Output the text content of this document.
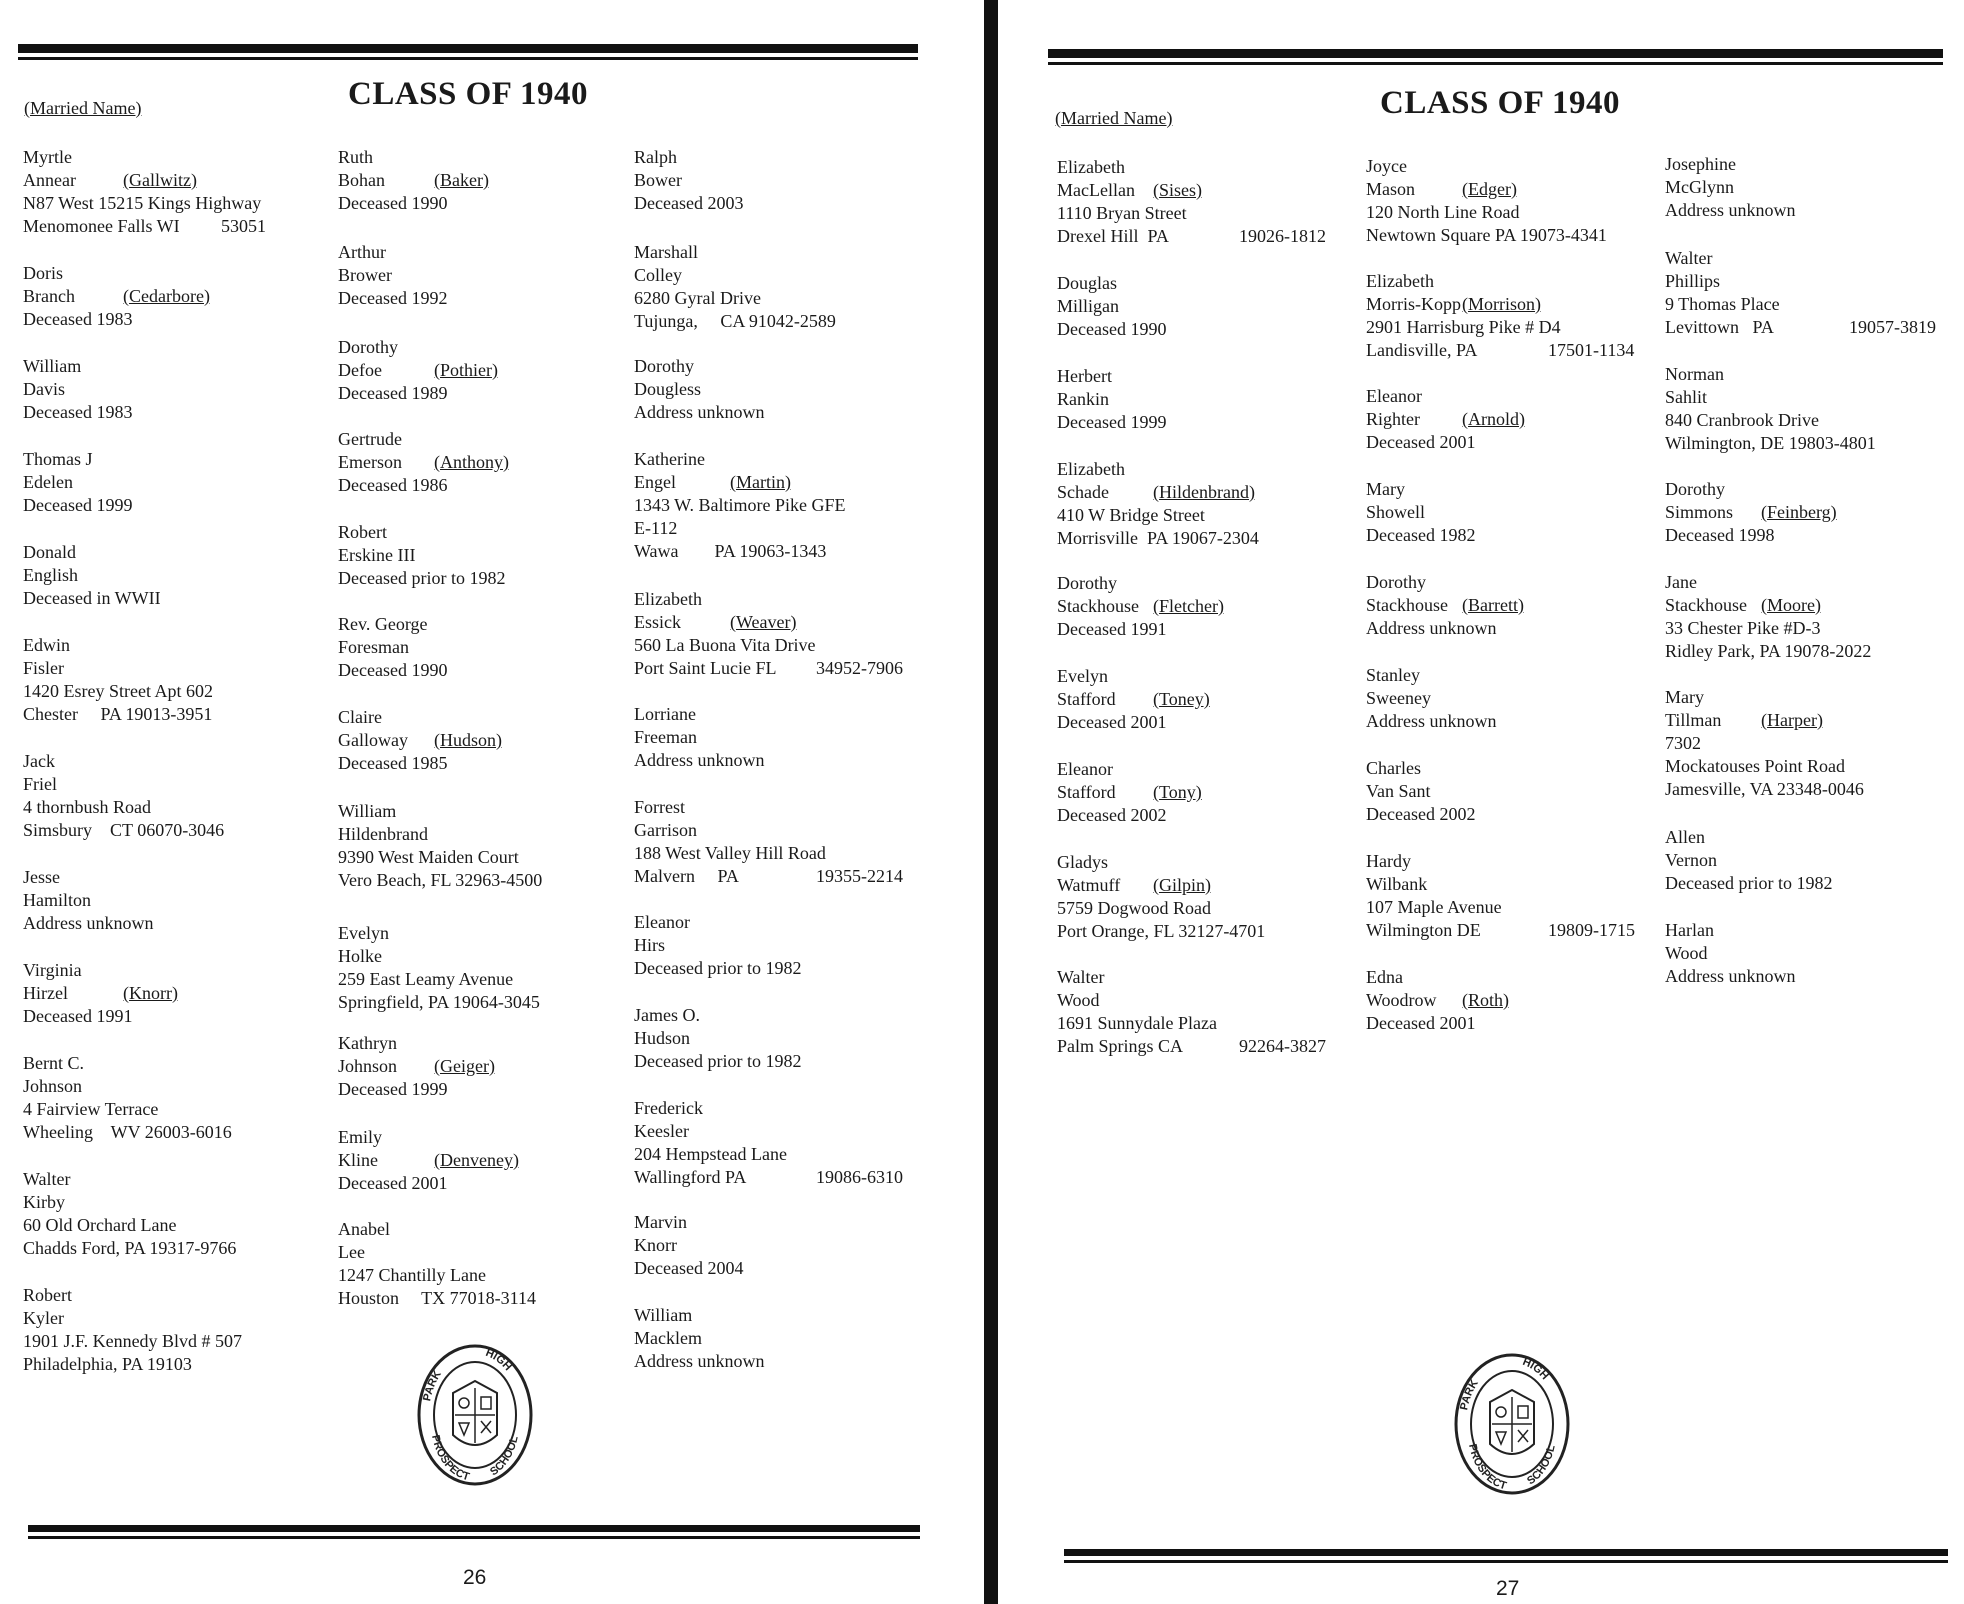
(Married Name)	CLASS OF 1940
Myrtle
Annear	(Gallwitz)
N87 West 15215 Kings Highway
Menomonee Falls WI 53051
Doris
Branch	(Cedarbore)
Deceased 1983
William
Davis
Deceased 1983
Thomas J
Edelen
Deceased 1999
Donald
English
Deceased in WWII
Edwin
Fisler
1420 Esrey Street Apt 602
Chester     PA 19013-3951
Jack
Friel
4 thornbush Road
Simsbury    CT 06070-3046
Jesse
Hamilton
Address unknown
Virginia
Hirzel	(Knorr)
Deceased 1991
Bernt C.
Johnson
4 Fairview Terrace
Wheeling    WV 26003-6016
Walter
Kirby
60 Old Orchard Lane
Chadds Ford, PA 19317-9766
Robert
Kyler
1901 J.F. Kennedy Blvd # 507
Philadelphia, PA 19103
Ruth
Bohan	(Baker)
Deceased 1990
Arthur
Brower
Deceased 1992
Dorothy
Defoe	(Pothier)
Deceased 1989
Gertrude
Emerson (Anthony)
Deceased 1986
Robert
Erskine III
Deceased prior to 1982
Rev. George
Foresman
Deceased 1990
Claire
Galloway (Hudson)
Deceased 1985
William
Hildenbrand
9390 West Maiden Court
Vero Beach, FL 32963-4500
Evelyn
Holke
259 East Leamy Avenue
Springfield, PA 19064-3045
Kathryn
Johnson (Geiger)
Deceased 1999
Emily
Kline	(Denveney)
Deceased 2001
Anabel
Lee
1247 Chantilly Lane
Houston     TX 77018-3114
Ralph
Bower
Deceased 2003
Marshall
Colley
6280 Gyral Drive
Tujunga,     CA 91042-2589
Dorothy
Dougless
Address unknown
Katherine
Engel	(Martin)
1343 W. Baltimore Pike GFE
E-112
Wawa        PA 19063-1343
Elizabeth
Essick	(Weaver)
560 La Buona Vita Drive
Port Saint Lucie FL 34952-7906
Lorriane
Freeman
Address unknown
Forrest
Garrison
188 West Valley Hill Road
Malvern     PA	19355-2214
Eleanor
Hirs
Deceased prior to 1982
James O.
Hudson
Deceased prior to 1982
Frederick
Keesler
204 Hempstead Lane
Wallingford PA	19086-6310
Marvin
Knorr
Deceased 2004
William
Macklem
Address unknown
PARK
HIGH
SCHOOL
PROSPECT
26
(Married Name)	CLASS OF 1940
Elizabeth
MacLellan (Sises)
1110 Bryan Street
Drexel Hill  PA	19026-1812
Douglas
Milligan
Deceased 1990
Herbert
Rankin
Deceased 1999
Elizabeth
Schade (Hildenbrand)
410 W Bridge Street
Morrisville  PA 19067-2304
Dorothy
Stackhouse (Fletcher)
Deceased 1991
Evelyn
Stafford (Toney)
Deceased 2001
Eleanor
Stafford (Tony)
Deceased 2002
Gladys
Watmuff (Gilpin)
5759 Dogwood Road
Port Orange, FL 32127-4701
Walter
Wood
1691 Sunnydale Plaza
Palm Springs CA	92264-3827
Joyce
Mason	(Edger)
120 North Line Road
Newtown Square PA 19073-4341
Elizabeth
Morris-Kopp (Morrison)
2901 Harrisburg Pike # D4
Landisville, PA	17501-1134
Eleanor
Righter (Arnold)
Deceased 2001
Mary
Showell
Deceased 1982
Dorothy
Stackhouse (Barrett)
Address unknown
Stanley
Sweeney
Address unknown
Charles
Van Sant
Deceased 2002
Hardy
Wilbank
107 Maple Avenue
Wilmington DE	19809-1715
Edna
Woodrow (Roth)
Deceased 2001
Josephine
McGlynn
Address unknown
Walter
Phillips
9 Thomas Place
Levittown   PA	19057-3819
Norman
Sahlit
840 Cranbrook Drive
Wilmington, DE 19803-4801
Dorothy
Simmons (Feinberg)
Deceased 1998
Jane
Stackhouse (Moore)
33 Chester Pike #D-3
Ridley Park, PA 19078-2022
Mary
Tillman (Harper)
7302
Mockatouses Point Road
Jamesville, VA 23348-0046
Allen
Vernon
Deceased prior to 1982
Harlan
Wood
Address unknown
PARK
HIGH
SCHOOL
PROSPECT
27
